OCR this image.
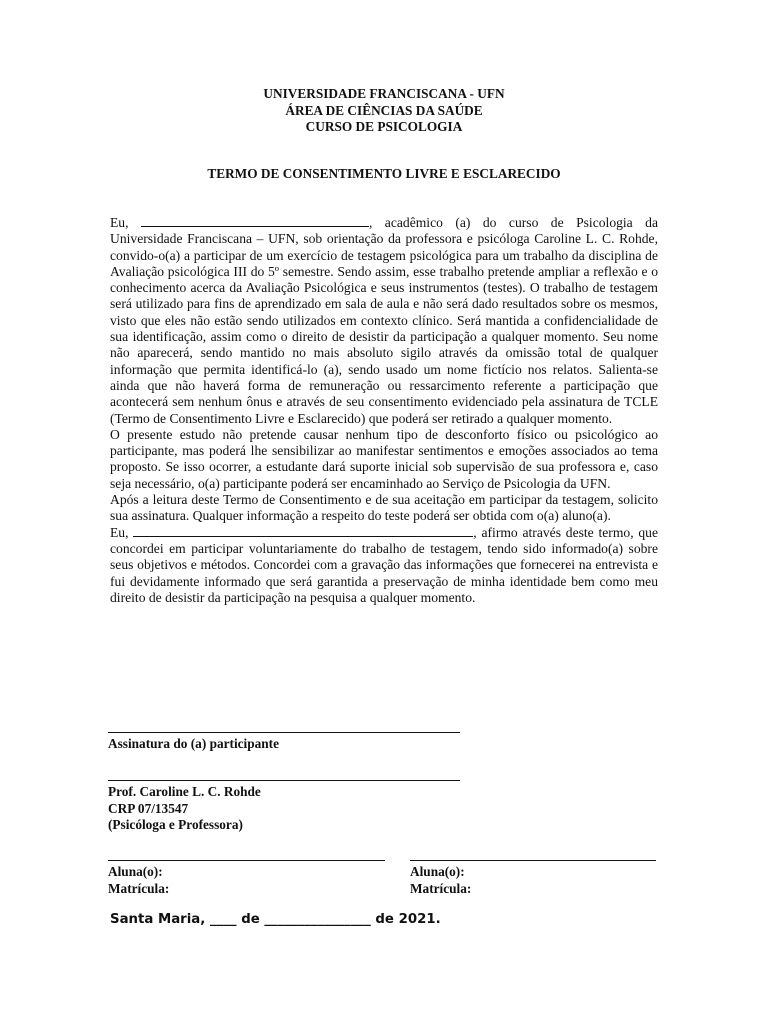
UNIVERSIDADE FRANCISCANA - UFN
ÁREA DE CIÊNCIAS DA SAÚDE
CURSO DE PSICOLOGIA
TERMO DE CONSENTIMENTO LIVRE E ESCLARECIDO

Eu,	, acadêmico (a) do curso de Psicologia da Universidade Franciscana – UFN, sob orientação da professora e psicóloga Caroline L. C. Rohde, convido-o(a) a participar de um exercício de testagem psicológica para um trabalho da disciplina de Avaliação psicológica III do 5º semestre. Sendo assim, esse trabalho pretende ampliar a reflexão e o conhecimento acerca da Avaliação Psicológica e seus instrumentos (testes). O trabalho de testagem será utilizado para fins de aprendizado em sala de aula e não será dado resultados sobre os mesmos, visto que eles não estão sendo utilizados em contexto clínico. Será mantida a confidencialidade de sua identificação, assim como o direito de desistir da participação a qualquer momento. Seu nome não aparecerá, sendo mantido no mais absoluto sigilo através da omissão total de qualquer informação que permita identificá-lo (a), sendo usado um nome fictício nos relatos. Salienta-se ainda que não haverá forma de remuneração ou ressarcimento referente a participação que acontecerá sem nenhum ônus e através de seu consentimento evidenciado pela assinatura de TCLE (Termo de Consentimento Livre e Esclarecido) que poderá ser retirado a qualquer momento.

O presente estudo não pretende causar nenhum tipo de desconforto físico ou psicológico ao participante, mas poderá lhe sensibilizar ao manifestar sentimentos e emoções associados ao tema proposto. Se isso ocorrer, a estudante dará suporte inicial sob supervisão de sua professora e, caso seja necessário, o(a) participante poderá ser encaminhado ao Serviço de Psicologia da UFN.

Após a leitura deste Termo de Consentimento e de sua aceitação em participar da testagem, solicito sua assinatura. Qualquer informação a respeito do teste poderá ser obtida com o(a) aluno(a).

Eu,	, afirmo através deste termo, que concordei em participar voluntariamente do trabalho de testagem, tendo sido informado(a) sobre seus objetivos e métodos. Concordei com a gravação das informações que fornecerei na entrevista e fui devidamente informado que será garantida a preservação de minha identidade bem como meu direito de desistir da participação na pesquisa a qualquer momento.

Assinatura do (a) participante
Prof. Caroline L. C. Rohde
CRP 07/13547
(Psicóloga e Professora)
Aluna(o):
Matrícula:
Aluna(o):
Matrícula:
Santa Maria, ____ de ________________ de 2021.
